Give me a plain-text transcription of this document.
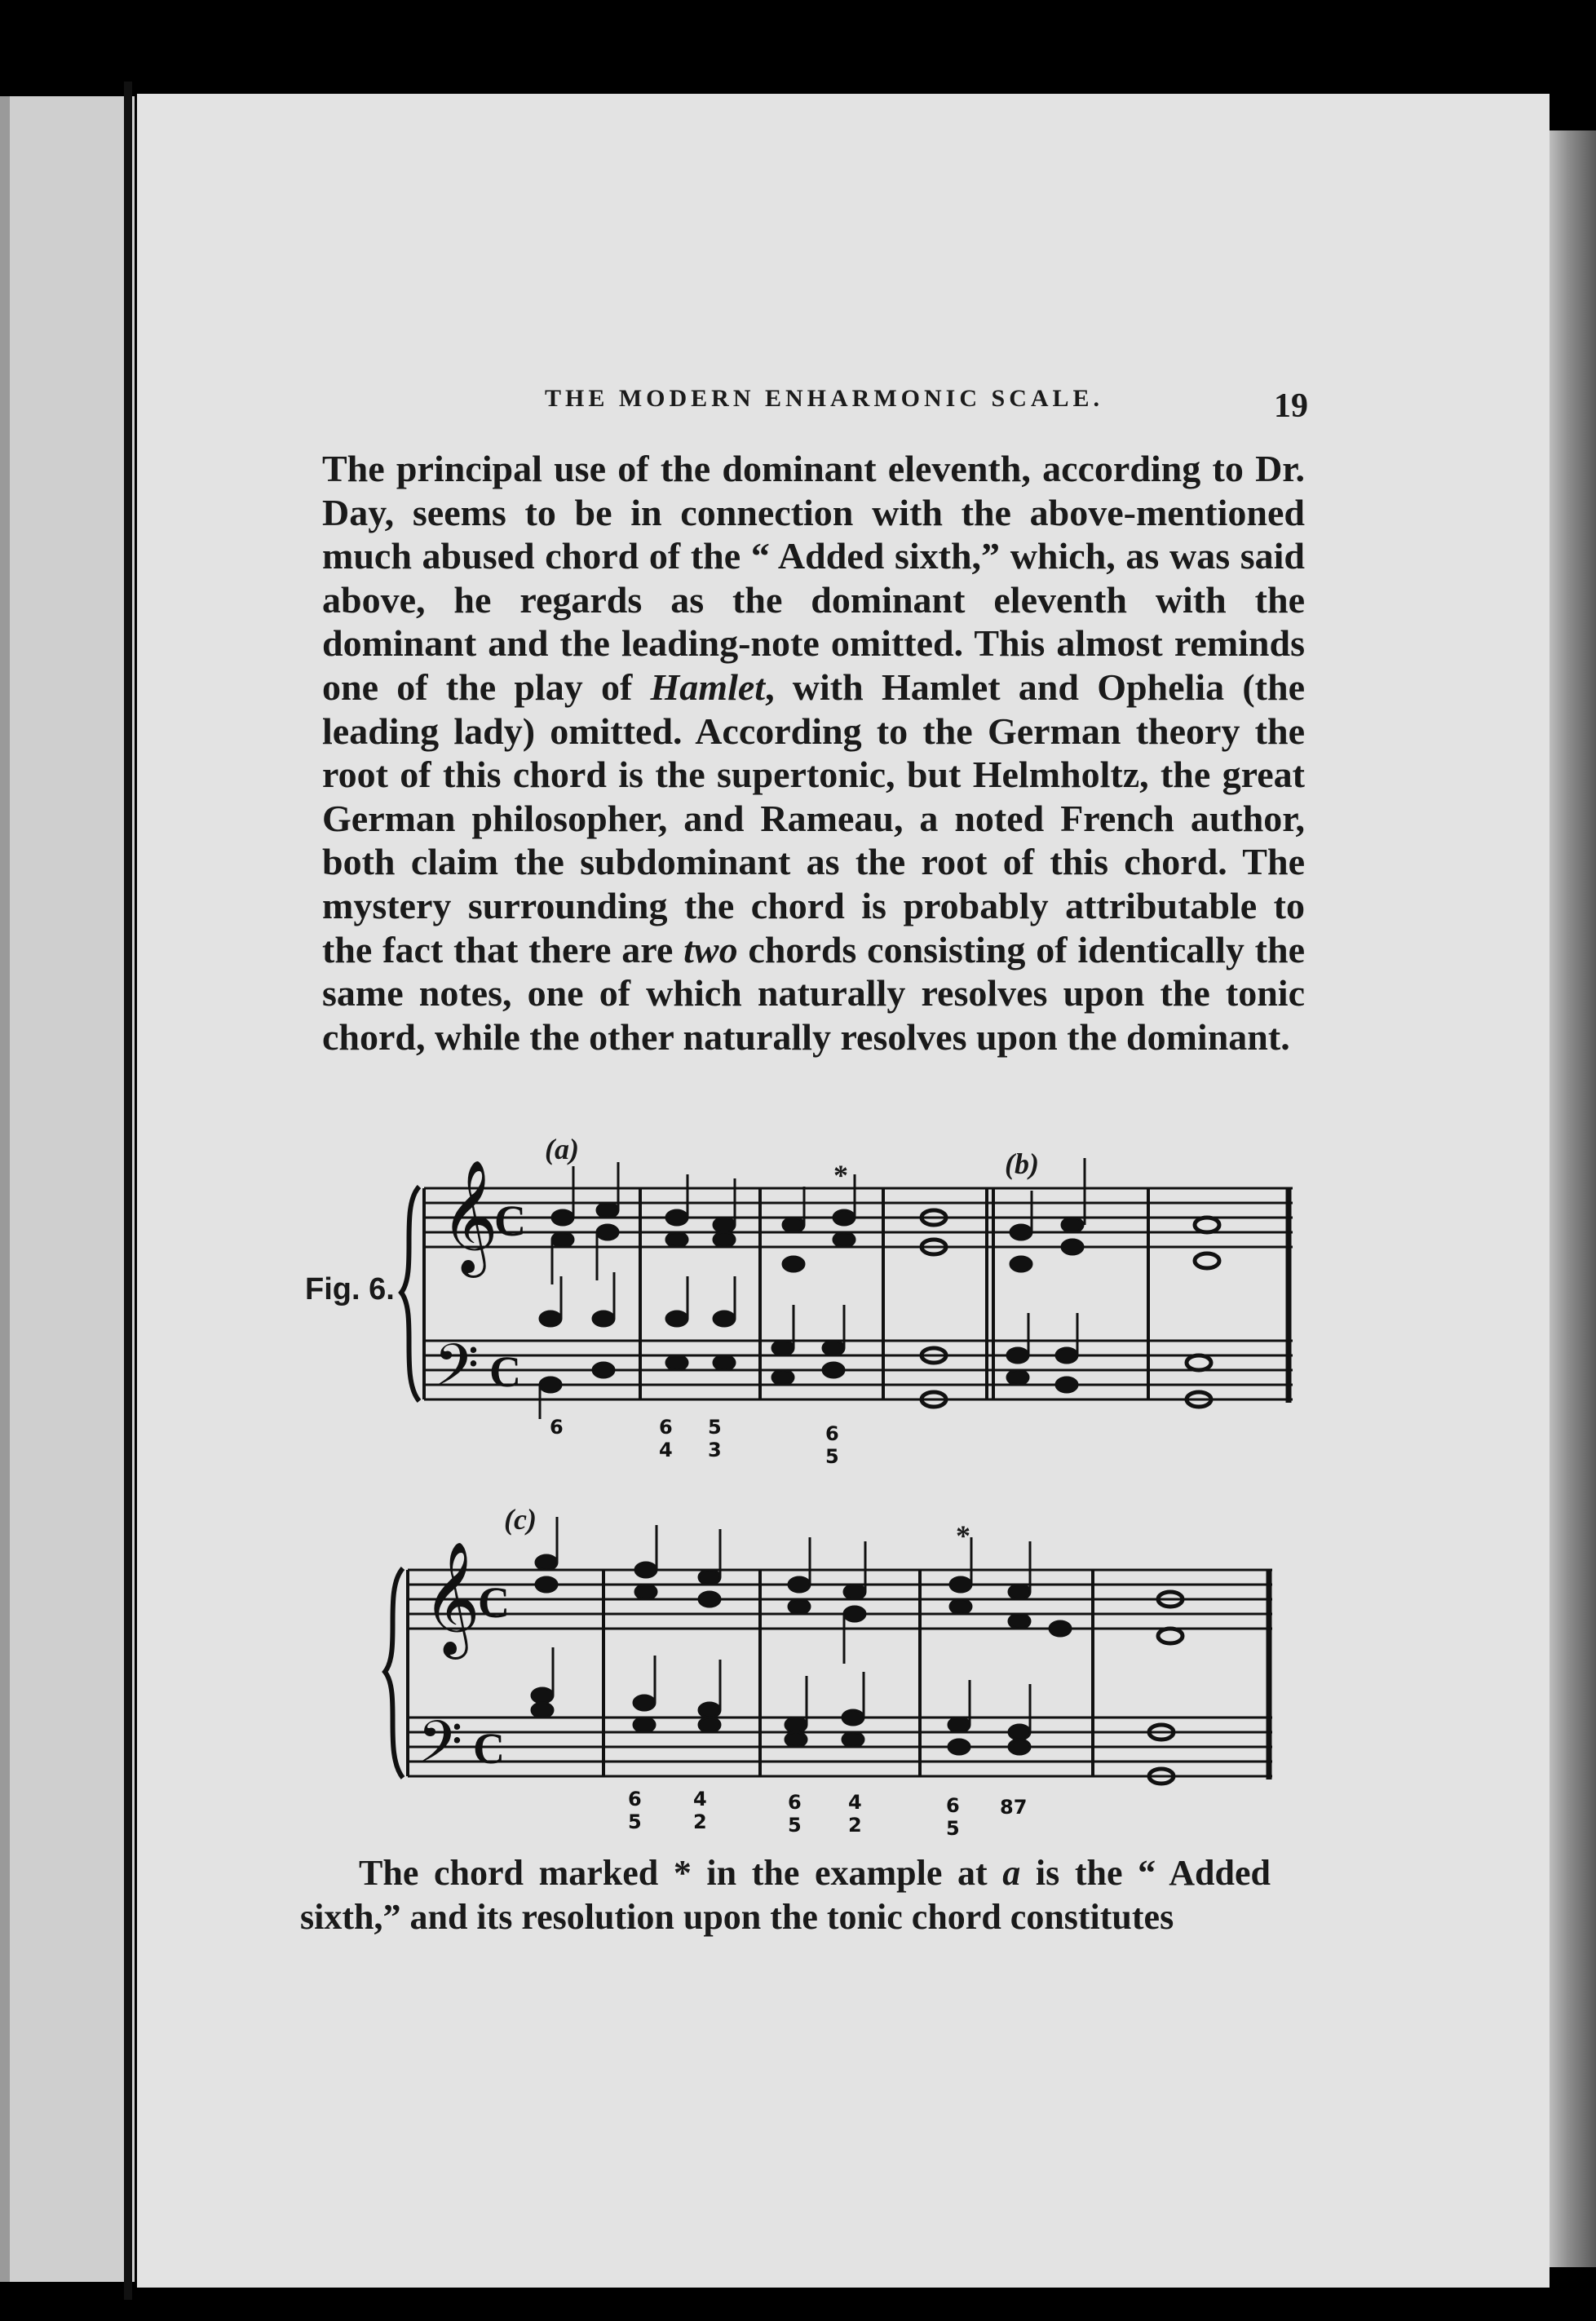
THE MODERN ENHARMONIC SCALE.	19

The principal use of the dominant eleventh, according to Dr. Day, seems to be in connection with the above-mentioned much abused chord of the “ Added sixth,” which, as was said above, he regards as the dominant eleventh with the dominant and the leading-note omitted. This almost reminds one of the play of Hamlet, with Hamlet and Ophelia (the leading lady) omitted. According to the German theory the root of this chord is the supertonic, but Helmholtz, the great German philosopher, and Rameau, a noted French author, both claim the subdominant as the root of this chord. The mystery surrounding the chord is probably attributable to the fact that there are two chords consisting of identically the same notes, one of which naturally resolves upon the tonic chord, while the other naturally resolves upon the dominant.

Fig. 6.
𝄞
𝄢
C
C
𝄞
𝄢
C
C
(a)	(b)
(c)
*
*
6	6
4
5
3
6
5
6
5
4
2
6
5
4
2
6
5
87

The chord marked * in the example at a is the “ Added sixth,” and its resolution upon the tonic chord constitutes
